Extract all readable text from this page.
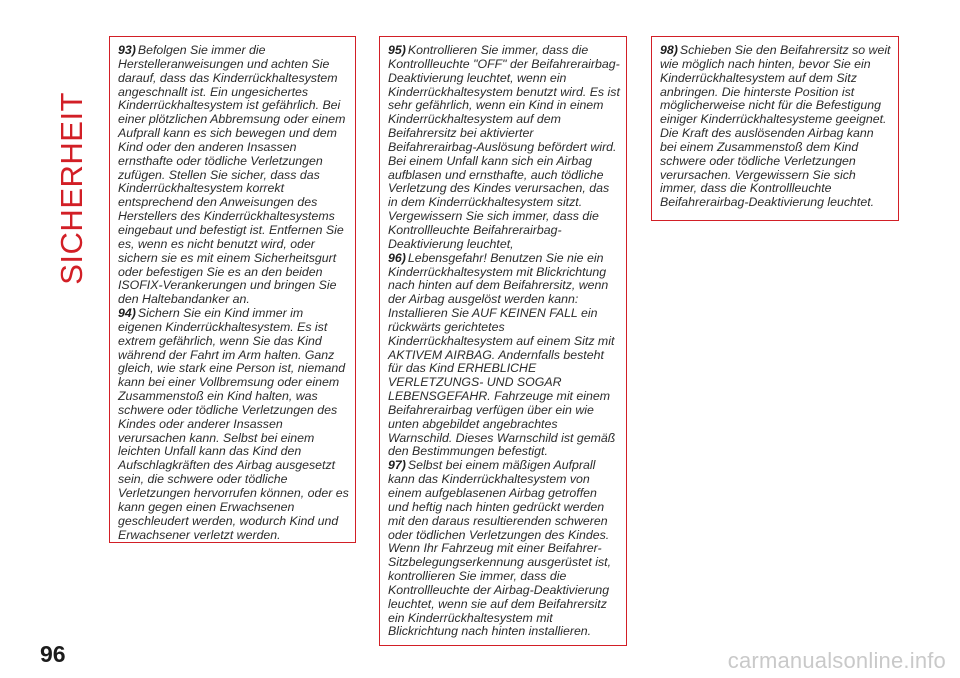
SICHERHEIT
93) Befolgen Sie immer die Herstelleranweisungen und achten Sie darauf, dass das Kinderrückhaltesystem angeschnallt ist. Ein ungesichertes Kinderrückhaltesystem ist gefährlich. Bei einer plötzlichen Abbremsung oder einem Aufprall kann es sich bewegen und dem Kind oder den anderen Insassen ernsthafte oder tödliche Verletzungen zufügen. Stellen Sie sicher, dass das Kinderrückhaltesystem korrekt entsprechend den Anweisungen des Herstellers des Kinderrückhaltesystems eingebaut und befestigt ist. Entfernen Sie es, wenn es nicht benutzt wird, oder sichern sie es mit einem Sicherheitsgurt oder befestigen Sie es an den beiden ISOFIX-Verankerungen und bringen Sie den Haltebandanker an.
94) Sichern Sie ein Kind immer im eigenen Kinderrückhaltesystem. Es ist extrem gefährlich, wenn Sie das Kind während der Fahrt im Arm halten. Ganz gleich, wie stark eine Person ist, niemand kann bei einer Vollbremsung oder einem Zusammenstoß ein Kind halten, was schwere oder tödliche Verletzungen des Kindes oder anderer Insassen verursachen kann. Selbst bei einem leichten Unfall kann das Kind den Aufschlagkräften des Airbag ausgesetzt sein, die schwere oder tödliche Verletzungen hervorrufen können, oder es kann gegen einen Erwachsenen geschleudert werden, wodurch Kind und Erwachsener verletzt werden.
95) Kontrollieren Sie immer, dass die Kontrollleuchte "OFF" der Beifahrerairbag-Deaktivierung leuchtet, wenn ein Kinderrückhaltesystem benutzt wird. Es ist sehr gefährlich, wenn ein Kind in einem Kinderrückhaltesystem auf dem Beifahrersitz bei aktivierter Beifahrerairbag-Auslösung befördert wird. Bei einem Unfall kann sich ein Airbag aufblasen und ernsthafte, auch tödliche Verletzung des Kindes verursachen, das in dem Kinderrückhaltesystem sitzt. Vergewissern Sie sich immer, dass die Kontrollleuchte Beifahrerairbag-Deaktivierung leuchtet,
96) Lebensgefahr! Benutzen Sie nie ein Kinderrückhaltesystem mit Blickrichtung nach hinten auf dem Beifahrersitz, wenn der Airbag ausgelöst werden kann: Installieren Sie AUF KEINEN FALL ein rückwärts gerichtetes Kinderrückhaltesystem auf einem Sitz mit AKTIVEM AIRBAG. Andernfalls besteht für das Kind ERHEBLICHE VERLETZUNGS- UND SOGAR LEBENSGEFAHR. Fahrzeuge mit einem Beifahrerairbag verfügen über ein wie unten abgebildet angebrachtes Warnschild. Dieses Warnschild ist gemäß den Bestimmungen befestigt.
97) Selbst bei einem mäßigen Aufprall kann das Kinderrückhaltesystem von einem aufgeblasenen Airbag getroffen und heftig nach hinten gedrückt werden mit den daraus resultierenden schweren oder tödlichen Verletzungen des Kindes. Wenn Ihr Fahrzeug mit einer Beifahrer-Sitzbelegungserkennung ausgerüstet ist, kontrollieren Sie immer, dass die Kontrollleuchte der Airbag-Deaktivierung leuchtet, wenn sie auf dem Beifahrersitz ein Kinderrückhaltesystem mit Blickrichtung nach hinten installieren.
98) Schieben Sie den Beifahrersitz so weit wie möglich nach hinten, bevor Sie ein Kinderrückhaltesystem auf dem Sitz anbringen. Die hinterste Position ist möglicherweise nicht für die Befestigung einiger Kinderrückhaltesysteme geeignet. Die Kraft des auslösenden Airbag kann bei einem Zusammenstoß dem Kind schwere oder tödliche Verletzungen verursachen. Vergewissern Sie sich immer, dass die Kontrollleuchte Beifahrerairbag-Deaktivierung leuchtet.
96	carmanualsonline.info
